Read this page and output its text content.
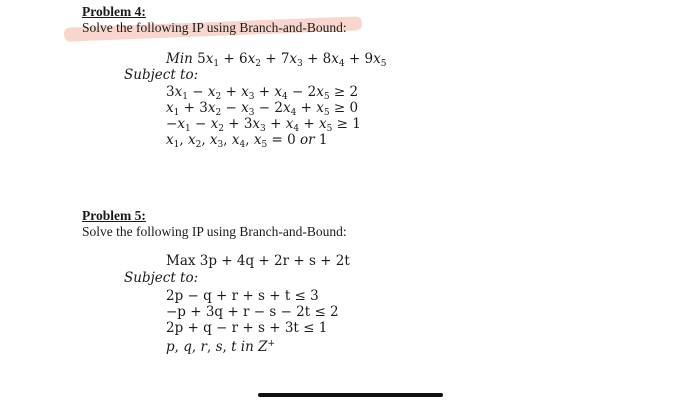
Problem 4:
Solve the following IP using Branch-and-Bound:
Min $5x_1 + 6x_2 + 7x_3 + 8x_4 + 9x_5$
Subject to:
$3x_1 - x_2 + x_3 + x_4 - 2x_5 \ge 2$
$x_1 + 3x_2 - x_3 - 2x_4 + x_5 \ge 0$
$-x_1 - x_2 + 3x_3 + x_4 + x_5 \ge 1$
$x_1$, $x_2$, $x_3$, $x_4$, $x_5 = 0$ or 1
Problem 5:
Solve the following IP using Branch-and-Bound:
Max 3p + 4q + 2r + s + 2t
Subject to:
2p − q + r + s + t ≤ 3
−p + 3q + r − s − 2t ≤ 2
2p + q − r + s + 3t ≤ 1
p, q, r, s, t in Z+
